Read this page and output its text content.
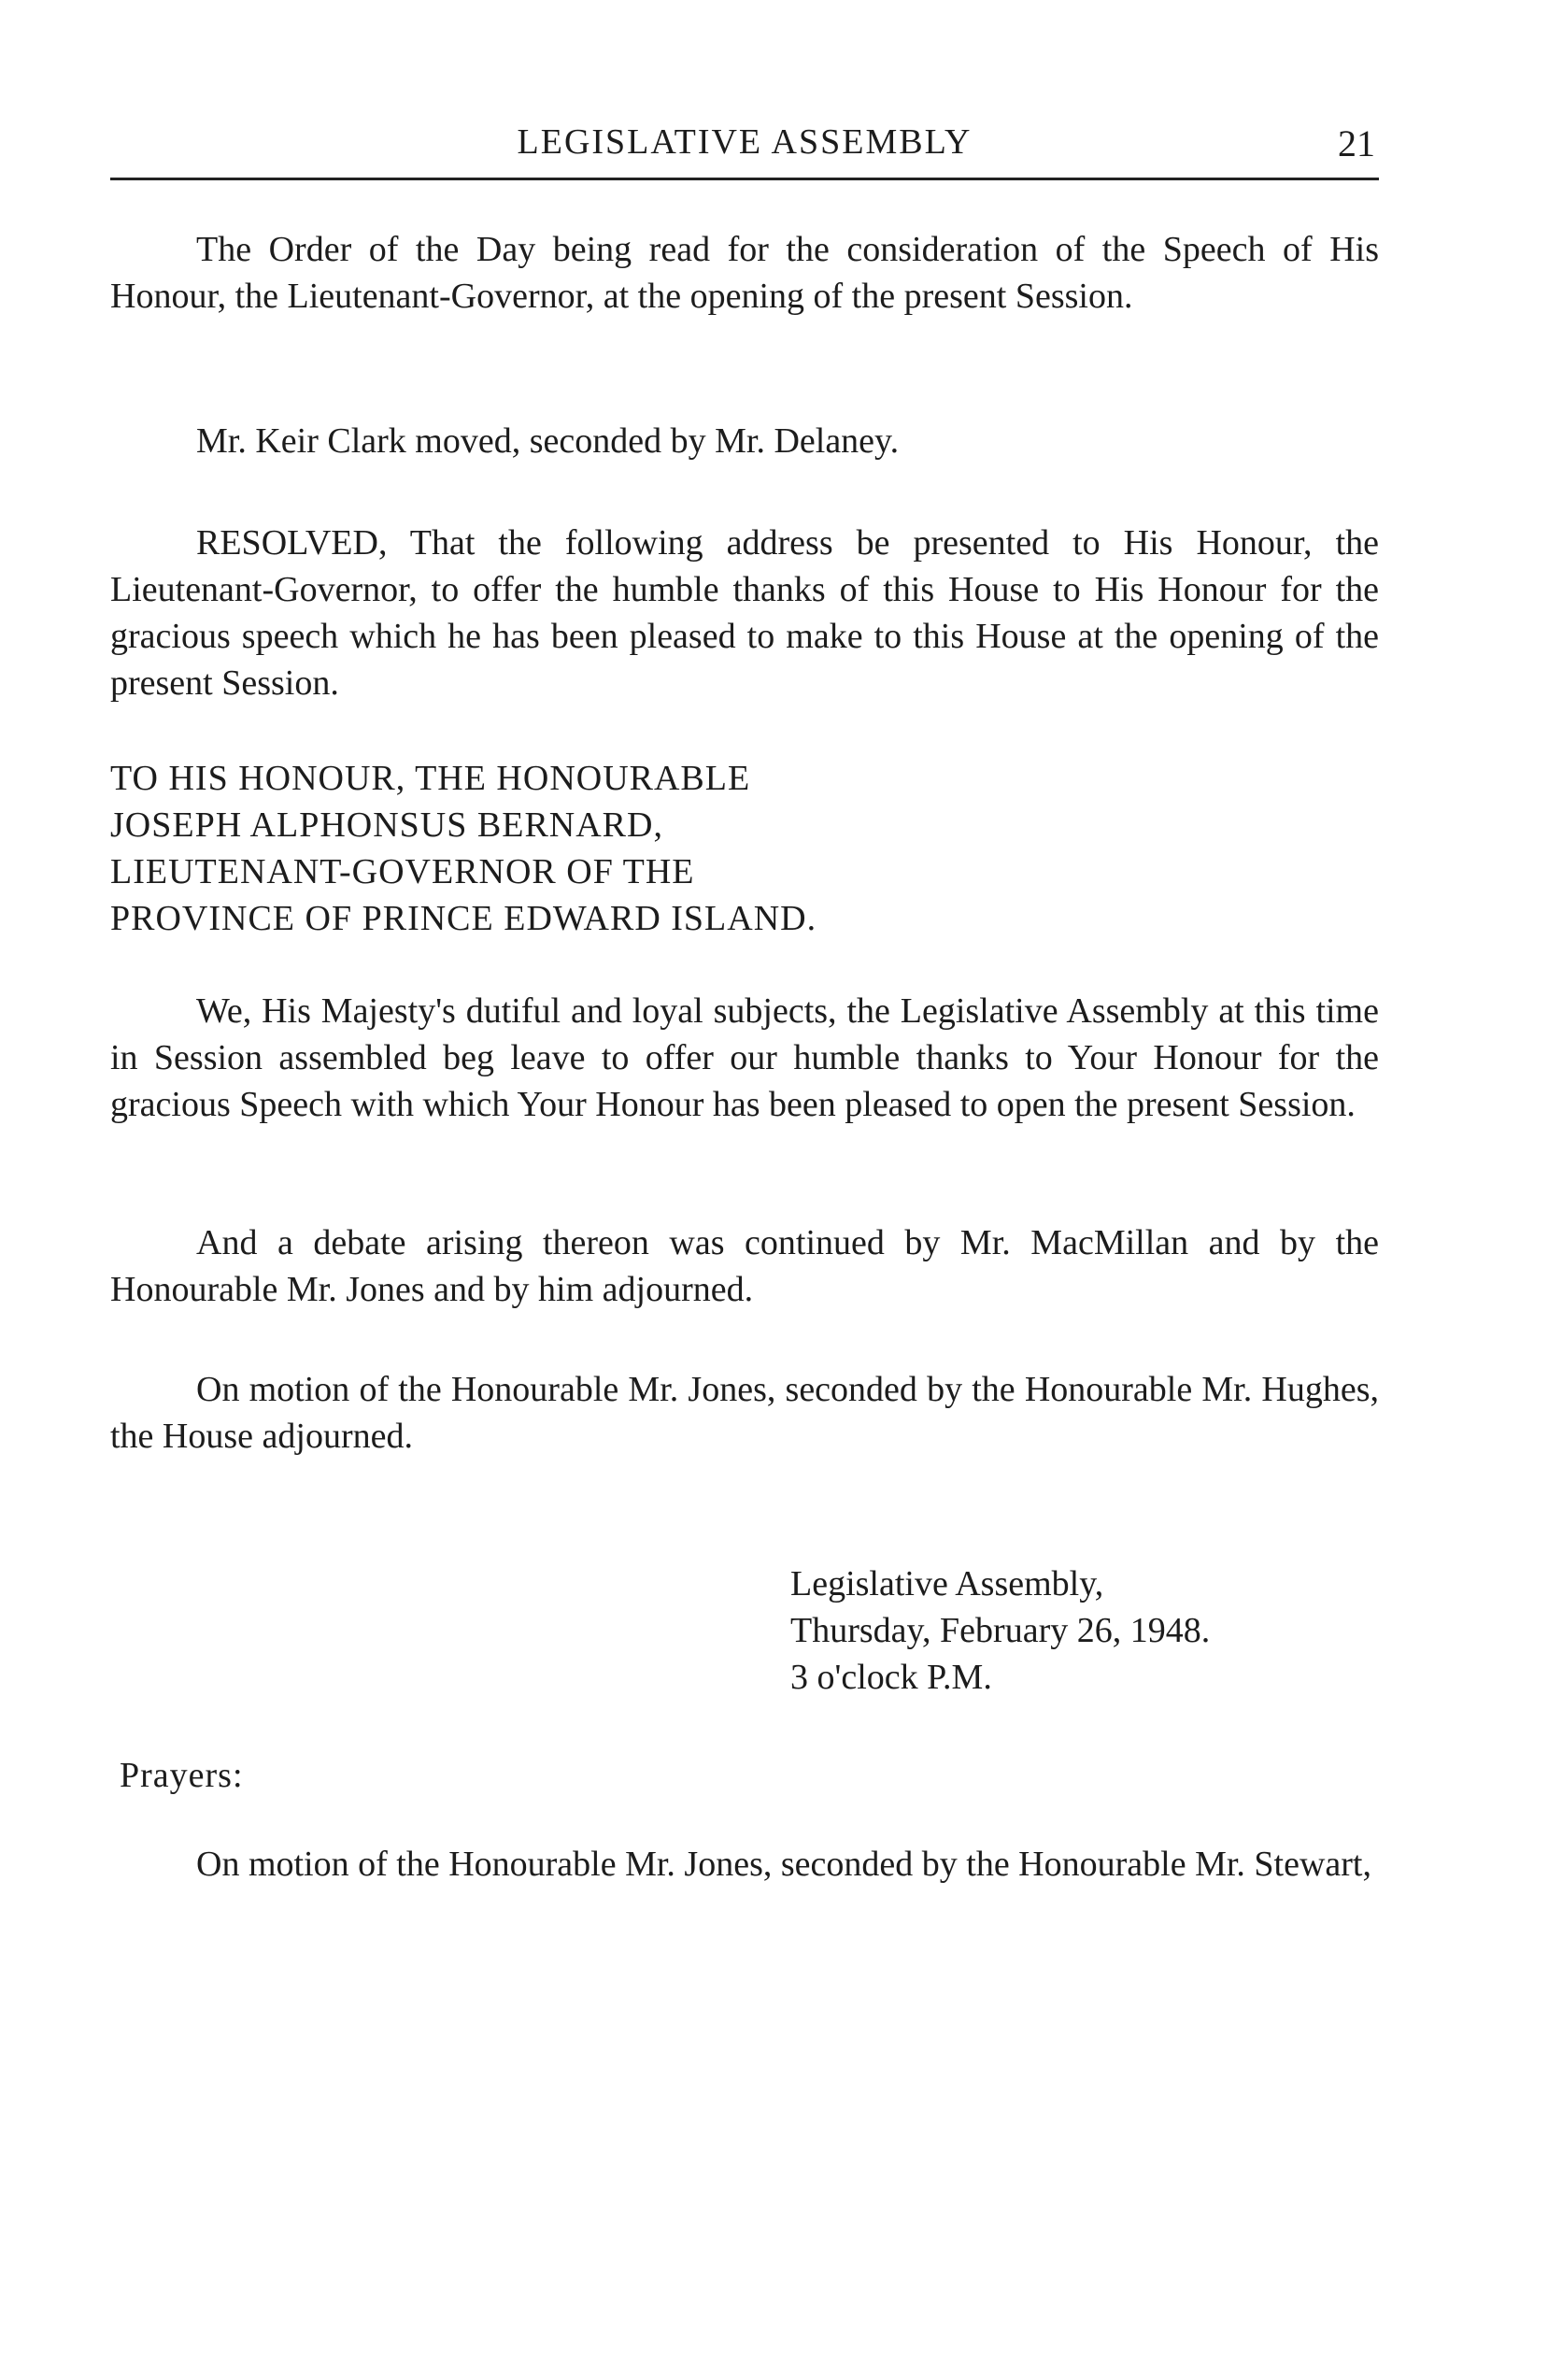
LEGISLATIVE ASSEMBLY	21

The Order of the Day being read for the consideration of the Speech of His Honour, the Lieutenant-Governor, at the opening of the present Session.

Mr. Keir Clark moved, seconded by Mr. Delaney.

RESOLVED, That the following address be presented to His Honour, the Lieutenant-Governor, to offer the humble thanks of this House to His Honour for the gracious speech which he has been pleased to make to this House at the opening of the present Session.

TO HIS HONOUR, THE HONOURABLE
JOSEPH ALPHONSUS BERNARD,
LIEUTENANT-GOVERNOR OF THE
PROVINCE OF PRINCE EDWARD ISLAND.

We, His Majesty's dutiful and loyal subjects, the Legislative Assembly at this time in Session assembled beg leave to offer our humble thanks to Your Honour for the gracious Speech with which Your Honour has been pleased to open the present Session.

And a debate arising thereon was continued by Mr. MacMillan and by the Honourable Mr. Jones and by him adjourned.

On motion of the Honourable Mr. Jones, seconded by the Honourable Mr. Hughes, the House adjourned.

Legislative Assembly,
Thursday, February 26, 1948.
3 o'clock P.M.
Prayers:

On motion of the Honourable Mr. Jones, seconded by the Honourable Mr. Stewart,
